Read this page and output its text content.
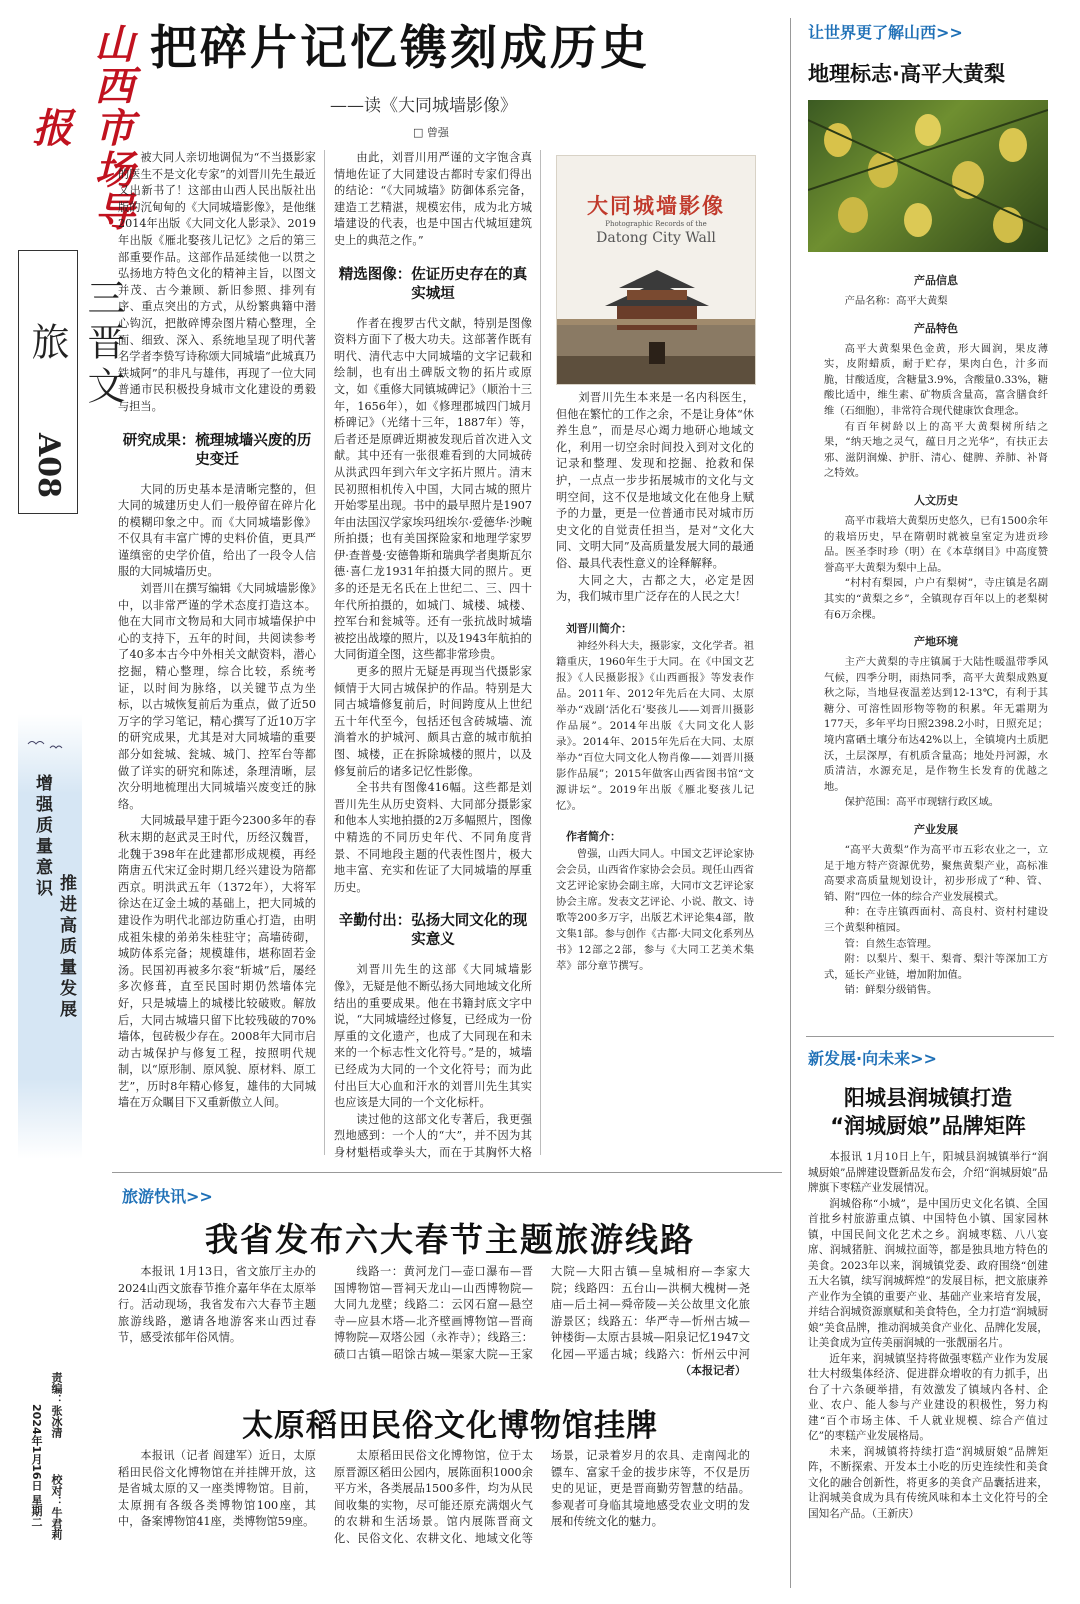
山西市场导报
三晋文旅
A08
增强质量意识
推进高质量发展
2024年1月16日 星期二 责编：张冰清
校对：牛君莉
把碎片记忆镌刻成历史
——读《大同城墙影像》
□ 曾强

被大同人亲切地调侃为“不当摄影家的医生不是文化专家”的刘晋川先生最近又出新书了！这部由山西人民出版社出版的沉甸甸的《大同城墙影像》，是他继2014年出版《大同文化人影录》、2019年出版《雁北娶孩儿记忆》之后的第三部重要作品。这部作品延续他一以贯之弘扬地方特色文化的精神主旨，以图文并茂、古今兼顾、新旧参照、排列有序、重点突出的方式，从纷繁典籍中潜心钩沉，把散碎博杂图片精心整理，全面、细致、深入、系统地呈现了明代著名学者李贽写诗称颂大同城墙“此城真乃铁城阿”的非凡与雄伟，再现了一位大同普通市民积极投身城市文化建设的勇毅与担当。

研究成果：梳理城墙兴废的历史变迁

大同的历史基本是清晰完整的，但大同的城建历史人们一般停留在碎片化的模糊印象之中。而《大同城墙影像》不仅具有丰富广博的史料价值，更具严谨缜密的史学价值，给出了一段令人信服的大同城墙历史。

刘晋川在撰写编辑《大同城墙影像》中，以非常严谨的学术态度打造这本。他在大同市文物局和大同市城墙保护中心的支持下，五年的时间，共阅读参考了40多本古今中外相关文献资料，潜心挖掘，精心整理，综合比较，系统考证，以时间为脉络，以关键节点为坐标，以古城恢复前后为重点，做了近50万字的学习笔记，精心撰写了近10万字的研究成果，尤其是对大同城墙的重要部分如瓮城、瓮城、城门、控军台等都做了详实的研究和陈述，条理清晰，层次分明地梳理出大同城墙兴废变迁的脉络。

大同城最早建于距今2300多年的春秋末期的赵武灵王时代，历经汉魏晋，北魏于398年在此建都形成规模，再经隋唐五代宋辽金时期几经兴建设为陪都西京。明洪武五年（1372年），大将军徐达在辽金土城的基础上，把大同城的建设作为明代北部边防重心打造，由明成祖朱棣的弟弟朱桂驻守；高墙砖砌，城防体系完备；规模雄伟，堪称固若金汤。民国初再被多尔衮“斩城”后，屡经多次修葺，直至民国时期仍然墙体完好，只是城墙上的城楼比较破败。解放后，大同古城墙只留下比较残破的70%墙体，包砖极少存在。2008年大同市启动古城保护与修复工程，按照明代规制，以“原形制、原风貌、原材料、原工艺”，历时8年精心修复，雄伟的大同城墙在万众瞩目下又重新傲立人间。

由此，刘晋川用严谨的文字饱含真情地佐证了大同建设古都时专家们得出的结论：“《大同城墙》防御体系完备，建造工艺精湛，规模宏伟，成为北方城墙建设的代表，也是中国古代城垣建筑史上的典范之作。”

精选图像：佐证历史存在的真实城垣

作者在搜罗古代文献，特别是图像资料方面下了极大功夫。这部著作既有明代、清代志中大同城墙的文字记载和绘制，也有出土碑版文物的拓片或原文，如《重修大同镇城碑记》（顺治十三年，1656年），如《修理郡城四门城月桥碑记》（光绪十三年，1887年）等，后者还是原碑近期被发现后首次进入文献。其中还有一张很难看到的大同城砖从洪武四年到六年文字拓片照片。清末民初照相机传入中国，大同古城的照片开始零星出现。书中的最早照片是1907年由法国汉学家埃玛纽埃尔·爱德华·沙畹所拍摄；也有美国探险家和地理学家罗伊·查普曼·安德鲁斯和瑞典学者奥斯瓦尔德·喜仁龙1931年拍摄大同的照片。更多的还是无名氏在上世纪二、三、四十年代所拍摄的，如城门、城楼、城楼、控军台和瓮城等。还有一张抗战时城墙被挖出战壕的照片，以及1943年航拍的大同街道全图，这些都非常珍贵。

更多的照片无疑是再现当代摄影家倾情于大同古城保护的作品。特别是大同古城墙修复前后，时间跨度从上世纪五十年代至今，包括还包含砖城墙、流淌着水的护城河、颇具古意的城市航拍图、城楼，正在拆除城楼的照片，以及修复前后的诸多记忆性影像。

全书共有图像416幅。这些都是刘晋川先生从历史资料、大同部分摄影家和他本人实地拍摄的2万多幅照片，图像中精选的不同历史年代、不同角度背景、不同地段主题的代表性图片，极大地丰富、充实和佐证了大同城墙的厚重历史。

辛勤付出：弘扬大同文化的现实意义

刘晋川先生的这部《大同城墙影像》，无疑是他不断弘扬大同地域文化所结出的重要成果。他在书籍封底文字中说，“大同城墙经过修复，已经成为一份厚重的文化遗产，也成了大同现在和未来的一个标志性文化符号。”是的，城墙已经成为大同的一个文化符号；而为此付出巨大心血和汗水的刘晋川先生其实也应该是大同的一个文化标杆。

读过他的这部文化专著后，我更强烈地感到：一个人的“大”，并不因为其身材魁梧或拳头大，而在于其胸怀大格

大同城墙影像
Photographic Records of the
Datong City Wall

刘晋川先生本来是一名内科医生，但他在繁忙的工作之余，不是让身体“休养生息”，而是尽心竭力地研心地域文化，利用一切空余时间投入到对文化的记录和整理、发现和挖掘、抢救和保护，一点点一步步拓展城市的文化与文明空间，这不仅是地域文化在他身上赋予的力量，更是一位普通市民对城市历史文化的自觉责任担当，是对“文化大同、文明大同”及高质量发展大同的最通俗、最具代表性意义的诠释解释。

大同之大，古都之大，必定是因为，我们城市里广泛存在的人民之大！

刘晋川简介：

神经外科大夫，摄影家，文化学者。祖籍重庆，1960年生于大同。在《中国文艺报》《人民摄影报》《山西画报》等发表作品。2011年、2012年先后在大同、太原举办“戏剧‘活化石’娶孩儿——刘晋川摄影作品展”。2014年出版《大同文化人影录》。2014年、2015年先后在大同、太原举办“百位大同文化人物肖像——刘晋川摄影作品展”；2015年做客山西省图书馆“文源讲坛”。2019年出版《雁北娶孩儿记忆》。

作者简介：

曾强，山西大同人。中国文艺评论家协会会员，山西省作家协会会员。现任山西省文艺评论家协会副主席，大同市文艺评论家协会主席。发表文艺评论、小说、散文、诗歌等200多万字，出版艺术评论集4部，散文集1部。参与创作《古都·大同文化系列丛书》12部之2部，参与《大同工艺美术集萃》部分章节撰写。

让世界更了解山西>>
地理标志·高平大黄梨
产品信息

产品名称：高平大黄梨

产品特色

高平大黄梨果色金黄，形大圆润，果皮薄实，皮附蜡质，耐于贮存，果肉白色，汁多而脆，甘酸适度，含糖量3.9%，含酸量0.33%，糖酸比适中，维生素、矿物质含量高，富含膳食纤维（石细胞），非常符合现代健康饮食理念。

有百年树龄以上的高平大黄梨树所结之果，“纳天地之灵气，蕴日月之光华”，有扶正去邪、滋阴润燥、护肝、清心、健脾、养肺、补肾之特效。

人文历史

高平市栽培大黄梨历史悠久，已有1500余年的栽培历史，早在隋朝时就被皇室定为进贡珍品。医圣李时珍（明）在《本草纲目》中高度赞誉高平大黄梨为梨中上品。

“村村有梨园，户户有梨树”，寺庄镇是名副其实的“黄梨之乡”，全镇现存百年以上的老梨树有6万余棵。

产地环境

主产大黄梨的寺庄镇属于大陆性暖温带季风气候，四季分明，雨热同季，高平大黄梨成熟夏秋之际，当地昼夜温差达到12-13℃，有利于其糖分、可溶性固形物等物的积累。年无霜期为177天，多年平均日照2398.2小时，日照充足；境内富硒土壤分布达42%以上，全镇境内土质肥沃，土层深厚，有机质含量高；地处丹河源，水质清洁，水源充足，是作物生长发育的优越之地。

保护范围：高平市现辖行政区域。

产业发展

“高平大黄梨”作为高平市五彩农业之一，立足于地方特产资源优势，聚焦黄梨产业，高标准高要求高质量规划设计，初步形成了“种、管、销、附”四位一体的综合产业发展模式。

种：在寺庄镇西面村、高良村、资村村建设三个黄梨种植园。

管：自然生态管理。

附：以梨片、梨干、梨膏、梨汁等深加工方式，延长产业链，增加附加值。

销：鲜梨分级销售。

新发展·向未来>>
阳城县润城镇打造
“润城厨娘”品牌矩阵

本报讯 1月10日上午，阳城县润城镇举行“润城厨娘”品牌建设暨新品发布会，介绍“润城厨娘”品牌旗下枣糕产业发展情况。

润城俗称“小城”，是中国历史文化名镇、全国首批乡村旅游重点镇、中国特色小镇、国家园林镇，中国民间文化艺术之乡。润城枣糕、八八宴席、润城猪脏、润城拉面等，都是独具地方特色的美食。2023年以来，润城镇党委、政府围绕“创建五大名镇，续写润城辉煌”的发展目标，把文旅康养产业作为全镇的重要产业、基础产业来培育发展，并结合润城资源禀赋和美食特色，全力打造“润城厨娘”美食品牌，推动润城美食产业化、品牌化发展，让美食成为宣传美丽润城的一张靓丽名片。

近年来，润城镇坚持将做强枣糕产业作为发展壮大村级集体经济、促进群众增收的有力抓手，出台了十六条硬举措，有效激发了镇域内各村、企业、农户、能人参与产业建设的积极性，努力构建“百个市场主体、千人就业规模、综合产值过亿”的枣糕产业发展格局。

未来，润城镇将持续打造“润城厨娘”品牌矩阵，不断探索、开发本土小吃的历史连续性和美食文化的融合创新性，将更多的美食产品囊括进来，让润城美食成为具有传统风味和本土文化符号的全国知名产品。（王新庆）

旅游快讯>>
我省发布六大春节主题旅游线路

本报讯 1月13日，省文旅厅主办的2024山西文旅春节推介嘉年华在太原举行。活动现场，我省发布六大春节主题旅游线路，邀请各地游客来山西过春节，感受浓郁年俗风情。

线路一：黄河龙门—壶口瀑布—晋国博物馆—晋祠天龙山—山西博物院—大同九龙壁；线路二：云冈石窟—悬空寺—应县木塔—北齐壁画博物馆—晋商博物院—双塔公园（永祚寺）；线路三：碛口古镇—昭馀古城—渠家大院—王家大院—大阳古镇—皇城相府—李家大院；线路四：五台山—洪桐大槐树—尧庙—后土祠—舜帝陵—关公故里文化旅游景区；线路五：华严寺—忻州古城—钟楼街—太原古县城—阳泉记忆1947文化园—平遥古城；线路六：忻州云中河

（本报记者）
太原稻田民俗文化博物馆挂牌

本报讯（记者 阎建军）近日，太原稻田民俗文化博物馆在并挂牌开放，这是省城太原的又一座类博物馆。目前，太原拥有各级各类博物馆100座，其中，备案博物馆41座，类博物馆59座。

太原稻田民俗文化博物馆，位于太原晋源区稻田公园内，展陈面积1000余平方米，各类展品1500多件，均为从民间收集的实物，尽可能还原充满烟火气的农耕和生活场景。馆内展陈晋商文化、民俗文化、农耕文化、地域文化等场景，记录着岁月的农具、走南闯北的镖车、富家千金的拔步床等，不仅是历史的见证，更是晋商勤劳智慧的结晶。参观者可身临其境地感受农业文明的发展和传统文化的魅力。
